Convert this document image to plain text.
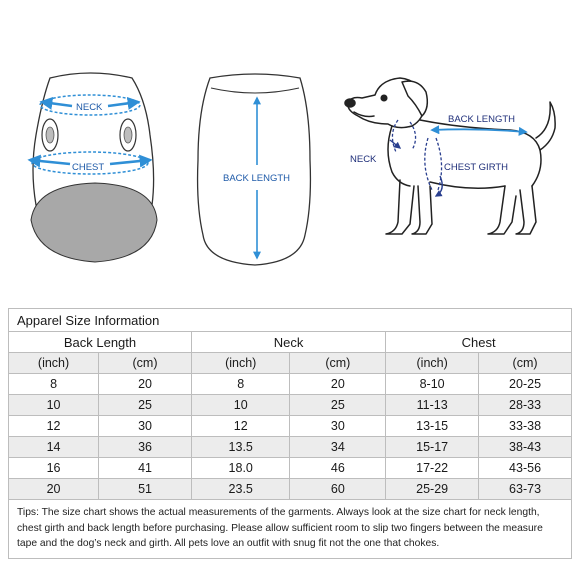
NECK
CHEST
BACK LENGTH
BACK LENGTH
NECK
CHEST GIRTH
Apparel Size Information					
Back Length		Neck		Chest	
(inch)	(cm)	(inch)	(cm)	(inch)	(cm)
8	20	8	20	8-10	20-25
10	25	10	25	11-13	28-33
12	30	12	30	13-15	33-38
14	36	13.5	34	15-17	38-43
16	41	18.0	46	17-22	43-56
20	51	23.5	60	25-29	63-73
Tips: The size chart shows the actual measurements of the garments. Always look at the size chart for neck length, chest girth and back length before purchasing. Please allow sufficient room to slip two fingers between the measure tape and the dog’s neck and girth. All pets love an outfit with snug fit not the one that chokes.
